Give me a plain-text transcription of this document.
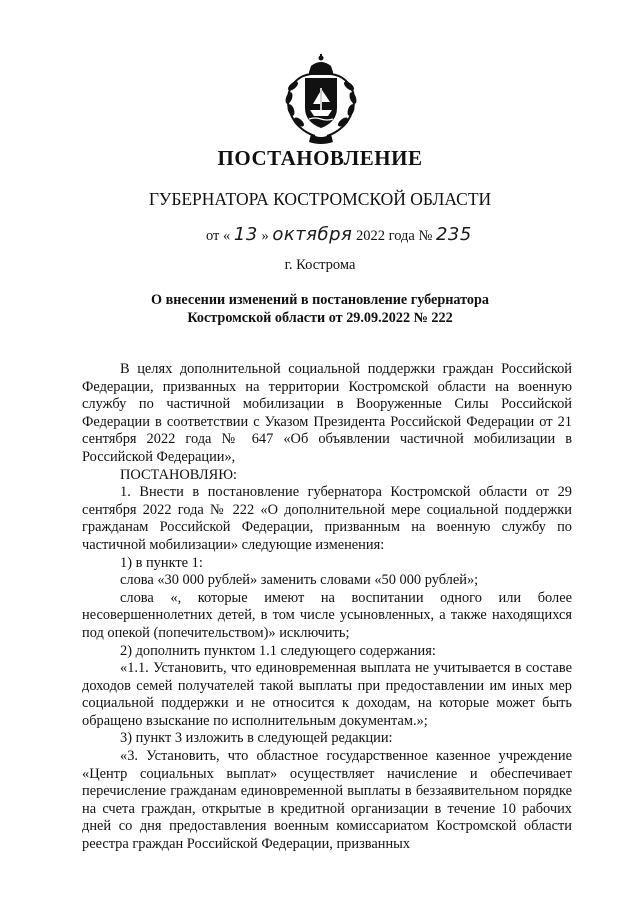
ПОСТАНОВЛЕНИЕ
ГУБЕРНАТОРА КОСТРОМСКОЙ ОБЛАСТИ
от « 13 » октября 2022 года № 235
г. Кострома
О внесении изменений в постановление губернатора
Костромской области от 29.09.2022 № 222

В целях дополнительной социальной поддержки граждан Российской Федерации, призванных на территории Костромской области на военную службу по частичной мобилизации в Вооруженные Силы Российской Федерации в соответствии с Указом Президента Российской Федерации от 21 сентября 2022 года № 647 «Об объявлении частичной мобилизации в Российской Федерации»,

ПОСТАНОВЛЯЮ:

1. Внести в постановление губернатора Костромской области от 29 сентября 2022 года № 222 «О дополнительной мере социальной поддержки гражданам Российской Федерации, призванным на военную службу по частичной мобилизации» следующие изменения:

1) в пункте 1:

слова «30 000 рублей» заменить словами «50 000 рублей»;

слова «, которые имеют на воспитании одного или более несовершеннолетних детей, в том числе усыновленных, а также находящихся под опекой (попечительством)» исключить;

2) дополнить пунктом 1.1 следующего содержания:

«1.1. Установить, что единовременная выплата не учитывается в составе доходов семей получателей такой выплаты при предоставлении им иных мер социальной поддержки и не относится к доходам, на которые может быть обращено взыскание по исполнительным документам.»;

3) пункт 3 изложить в следующей редакции:

«3. Установить, что областное государственное казенное учреждение «Центр социальных выплат» осуществляет начисление и обеспечивает перечисление гражданам единовременной выплаты в беззаявительном порядке на счета граждан, открытые в кредитной организации в течение 10 рабочих дней со дня предоставления военным комиссариатом Костромской области реестра граждан Российской Федерации, призванных
